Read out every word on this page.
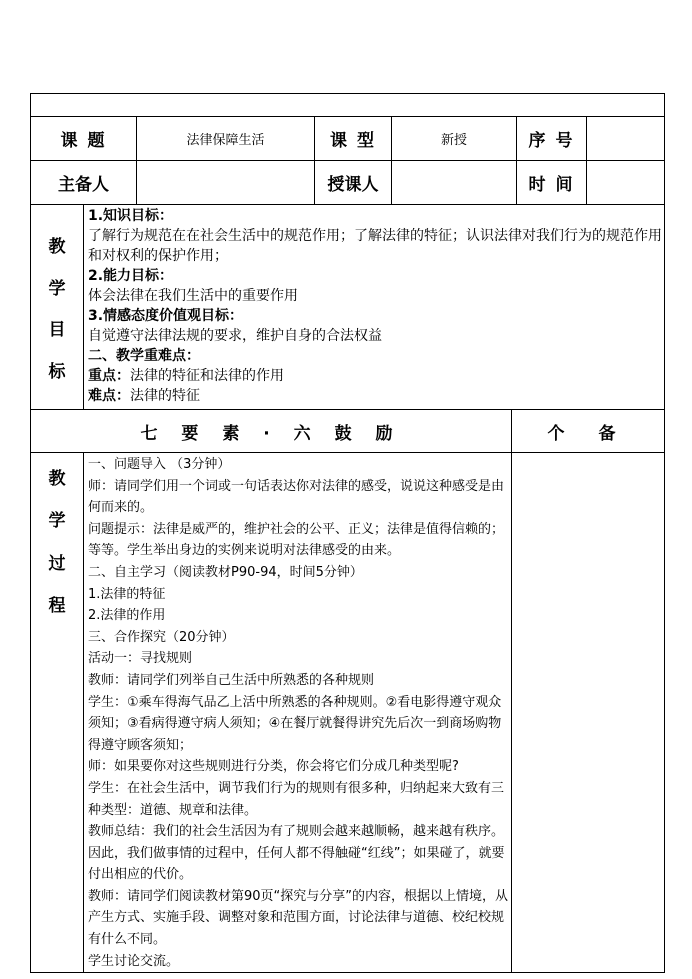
课 题	法律保障生活	课 型	新授	序 号
主备人	授课人	时 间
教
学
目
标
1.知识目标：
了解行为规范在在社会生活中的规范作用；了解法律的特征；认识法律对我们行为的规范作用和对权利的保护作用；
2.能力目标：
体会法律在我们生活中的重要作用
3.情感态度价值观目标：
自觉遵守法律法规的要求，维护自身的合法权益
二、教学重难点：
重点：法律的特征和法律的作用
难点：法律的特征
七 要 素 · 六 鼓 励	个 备
教
学
过
程
一、问题导入 （3分钟）
师：请同学们用一个词或一句话表达你对法律的感受，说说这种感受是由何而来的。
问题提示：法律是威严的，维护社会的公平、正义；法律是值得信赖的；等等。学生举出身边的实例来说明对法律感受的由来。
二、自主学习（阅读教材P90-94，时间5分钟）
1.法律的特征
2.法律的作用
三、合作探究（20分钟）
活动一：寻找规则
教师：请同学们列举自己生活中所熟悉的各种规则
学生：①乘车得海气品乙上活中所熟悉的各种规则。②看电影得遵守观众须知；③看病得遵守病人须知；④在餐厅就餐得讲究先后次一到商场购物得遵守顾客须知；
师：如果要你对这些规则进行分类，你会将它们分成几种类型呢?
学生：在社会生活中，调节我们行为的规则有很多种，归纳起来大致有三种类型：道德、规章和法律。
教师总结：我们的社会生活因为有了规则会越来越顺畅，越来越有秩序。因此，我们做事情的过程中，任何人都不得触碰“红线”；如果碰了，就要付出相应的代价。
教师：请同学们阅读教材第90页“探究与分享”的内容，根据以上情境，从产生方式、实施手段、调整对象和范围方面，讨论法律与道德、校纪校规有什么不同。
学生讨论交流。
